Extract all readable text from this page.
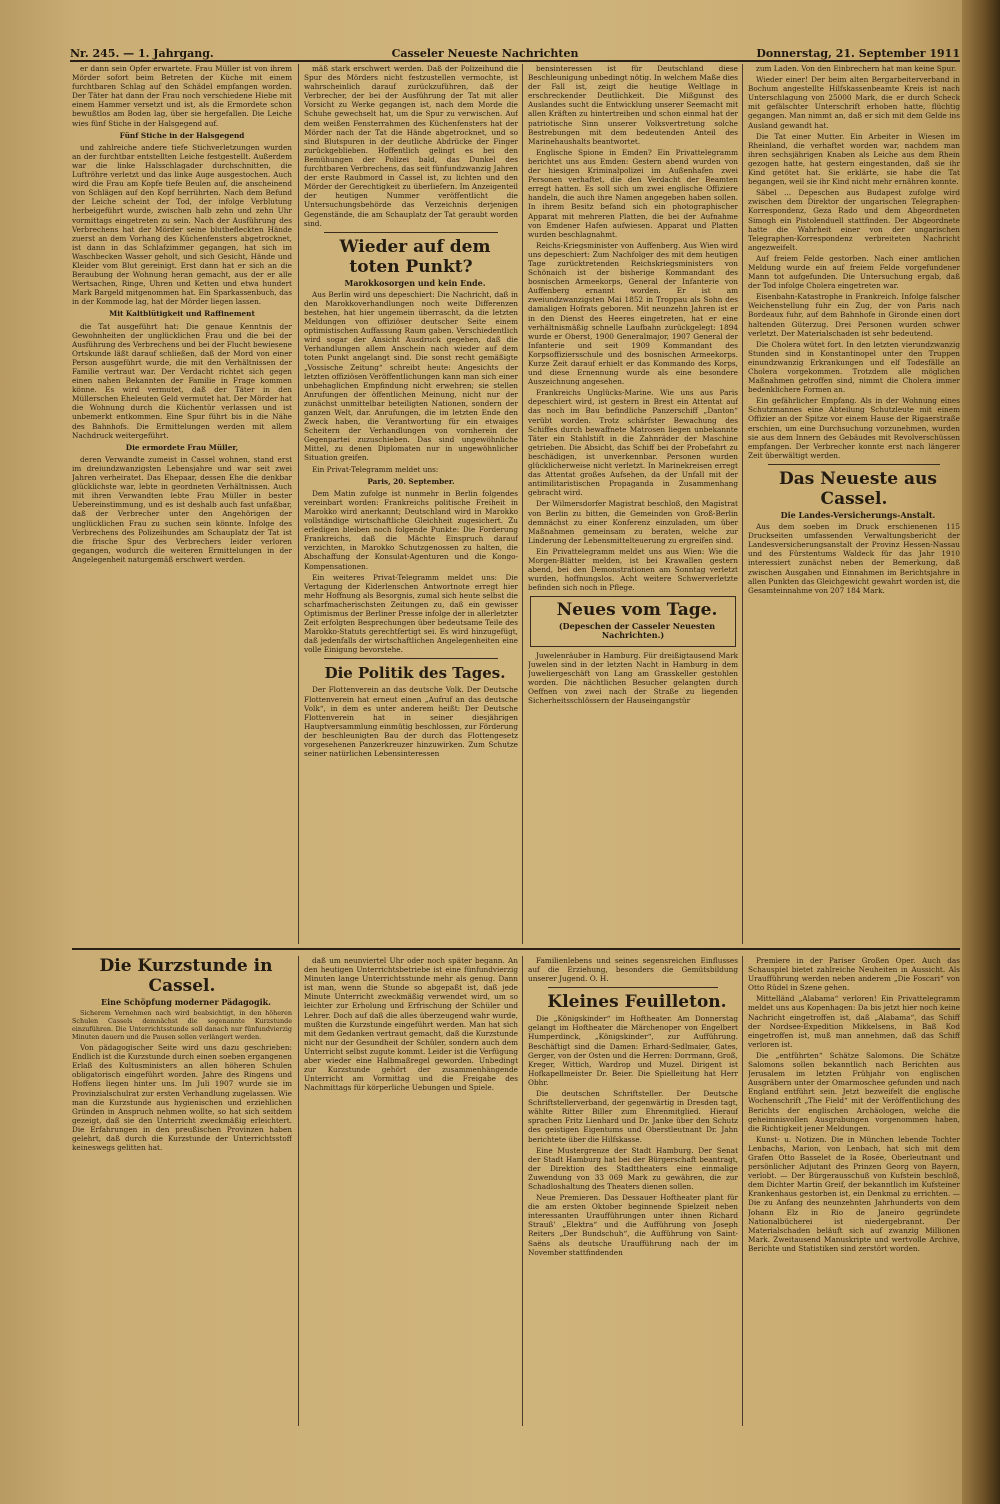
Nr. 245. — 1. Jahrgang.	Casseler Neueste Nachrichten	Donnerstag, 21. September 1911

er dann sein Opfer erwartete. Frau Müller ist von ihrem Mörder sofort beim Betreten der Küche mit einem furchtbaren Schlag auf den Schädel empfangen worden. Der Täter hat dann der Frau noch verschiedene Hiebe mit einem Hammer versetzt und ist, als die Ermordete schon bewußtlos am Boden lag, über sie hergefallen. Die Leiche wies fünf Stiche in der Halsgegend auf.

Fünf Stiche in der Halsgegend

und zahlreiche andere tiefe Stichverletzungen wurden an der furchtbar entstellten Leiche festgestellt. Außerdem war die linke Halsschlagader durchschnitten, die Luftröhre verletzt und das linke Auge ausgestochen. Auch wird die Frau am Kopfe tiefe Beulen auf, die anscheinend von Schlägen auf den Kopf herrührten. Nach dem Befund der Leiche scheint der Tod, der infolge Verblutung herbeigeführt wurde, zwischen halb zehn und zehn Uhr vormittags eingetreten zu sein. Nach der Ausführung des Verbrechens hat der Mörder seine blutbefleckten Hände zuerst an dem Vorhang des Küchenfensters abgetrocknet, ist dann in das Schlafzimmer gegangen, hat sich im Waschbecken Wasser geholt, und sich Gesicht, Hände und Kleider vom Blut gereinigt. Erst dann hat er sich an die Beraubung der Wohnung heran gemacht, aus der er alle Wertsachen, Ringe, Uhren und Ketten und etwa hundert Mark Bargeld mitgenommen hat. Ein Sparkassenbuch, das in der Kommode lag, hat der Mörder liegen lassen.

Mit Kaltblütigkeit und Raffinement

die Tat ausgeführt hat: Die genaue Kenntnis der Gewohnheiten der unglücklichen Frau und die bei der Ausführung des Verbrechens und bei der Flucht bewiesene Ortskunde läßt darauf schließen, daß der Mord von einer Person ausgeführt wurde, die mit den Verhältnissen der Familie vertraut war. Der Verdacht richtet sich gegen einen nahen Bekannten der Familie in Frage kommen könne. Es wird vermutet, daß der Täter in den Müllerschen Eheleuten Geld vermutet hat. Der Mörder hat die Wohnung durch die Küchentür verlassen und ist unbemerkt entkommen. Eine Spur führt bis in die Nähe des Bahnhofs. Die Ermittelungen werden mit allem Nachdruck weitergeführt.

Die ermordete Frau Müller,

deren Verwandte zumeist in Cassel wohnen, stand erst im dreiundzwanzigsten Lebensjahre und war seit zwei Jahren verheiratet. Das Ehepaar, dessen Ehe die denkbar glücklichste war, lebte in geordneten Verhältnissen. Auch mit ihren Verwandten lebte Frau Müller in bester Uebereinstimmung, und es ist deshalb auch fast unfaßbar, daß der Verbrecher unter den Angehörigen der unglücklichen Frau zu suchen sein könnte. Infolge des Verbrechens des Polizeihundes am Schauplatz der Tat ist die frische Spur des Verbrechers leider verloren gegangen, wodurch die weiteren Ermittelungen in der Angelegenheit naturgemäß erschwert werden.

mäß stark erschwert werden. Daß der Polizeihund die Spur des Mörders nicht festzustellen vermochte, ist wahrscheinlich darauf zurückzuführen, daß der Verbrecher, der bei der Ausführung der Tat mit aller Vorsicht zu Werke gegangen ist, nach dem Morde die Schuhe gewechselt hat, um die Spur zu verwischen. Auf dem weißen Fensterrahmen des Küchenfensters hat der Mörder nach der Tat die Hände abgetrocknet, und so sind Blutspuren in der deutliche Abdrücke der Finger zurückgeblieben. Hoffentlich gelingt es bei den Bemühungen der Polizei bald, das Dunkel des furchtbaren Verbrechens, das seit fünfundzwanzig Jahren der erste Raubmord in Cassel ist, zu lichten und den Mörder der Gerechtigkeit zu überliefern. Im Anzeigenteil der heutigen Nummer veröffentlicht die Untersuchungsbehörde das Verzeichnis derjenigen Gegenstände, die am Schauplatz der Tat geraubt worden sind.

Wieder auf dem toten Punkt?

Marokkosorgen und kein Ende.

Aus Berlin wird uns depeschiert: Die Nachricht, daß in den Marokkoverhandlungen noch weite Differenzen bestehen, hat hier ungemein überrascht, da die letzten Meldungen von offiziöser deutscher Seite einem optimistischen Auffassung Raum gaben. Verschiedentlich wird sogar der Ansicht Ausdruck gegeben, daß die Verhandlungen allem Anschein nach wieder auf dem toten Punkt angelangt sind. Die sonst recht gemäßigte „Vossische Zeitung“ schreibt heute: Angesichts der letzten offiziösen Veröffentlichungen kann man sich einer unbehaglichen Empfindung nicht erwehren; sie stellen Anrufungen der öffentlichen Meinung, nicht nur der zunächst unmittelbar beteiligten Nationen, sondern der ganzen Welt, dar. Anrufungen, die im letzten Ende den Zweck haben, die Verantwortung für ein etwaiges Scheitern der Verhandlungen von vornherein der Gegenpartei zuzuschieben. Das sind ungewöhnliche Mittel, zu denen Diplomaten nur in ungewöhnlicher Situation greifen.

Ein Privat-Telegramm meldet uns:

Paris, 20. September.

Dem Matin zufolge ist nunmehr in Berlin folgendes vereinbart worden: Frankreichs politische Freiheit in Marokko wird anerkannt; Deutschland wird in Marokko vollständige wirtschaftliche Gleichheit zugesichert. Zu erledigen bleiben noch folgende Punkte: Die Forderung Frankreichs, daß die Mächte Einspruch darauf verzichten, in Marokko Schutzgenossen zu halten, die Abschaffung der Konsulat-Agenturen und die Kongo-Kompensationen.

Ein weiteres Privat-Telegramm meldet uns: Die Vertagung der Kiderlenschen Antwortnote erregt hier mehr Hoffnung als Besorgnis, zumal sich heute selbst die scharfmacherischsten Zeitungen zu, daß ein gewisser Optimismus der Berliner Presse infolge der in allerletzter Zeit erfolgten Besprechungen über bedeutsame Teile des Marokko-Statuts gerechtfertigt sei. Es wird hinzugefügt, daß jedenfalls der wirtschaftlichen Angelegenheiten eine volle Einigung bevorstehe.

Die Politik des Tages.

Der Flottenverein an das deutsche Volk. Der Deutsche Flottenverein hat erneut einen „Aufruf an das deutsche Volk“, in dem es unter anderem heißt: Der Deutsche Flottenverein hat in seiner diesjährigen Hauptversammlung einmütig beschlossen, zur Förderung der beschleunigten Bau der durch das Flottengesetz vorgesehenen Panzerkreuzer hinzuwirken. Zum Schutze seiner natürlichen Lebensinteressen

bensinteressen ist für Deutschland diese Beschleunigung unbedingt nötig. In welchem Maße dies der Fall ist, zeigt die heutige Weltlage in erschreckender Deutlichkeit. Die Mißgunst des Auslandes sucht die Entwicklung unserer Seemacht mit allen Kräften zu hintertreiben und schon einmal hat der patriotische Sinn unserer Volksvertretung solche Bestrebungen mit dem bedeutenden Anteil des Marinehaushalts beantwortet.

Englische Spione in Emden? Ein Privattelegramm berichtet uns aus Emden: Gestern abend wurden von der hiesigen Kriminalpolizei im Außenhafen zwei Personen verhaftet, die den Verdacht der Beamten erregt hatten. Es soll sich um zwei englische Offiziere handeln, die auch ihre Namen angegeben haben sollen. In ihrem Besitz befand sich ein photographischer Apparat mit mehreren Platten, die bei der Aufnahme von Emdener Hafen aufwiesen. Apparat und Platten wurden beschlagnahmt.

Reichs-Kriegsminister von Auffenberg. Aus Wien wird uns depeschiert: Zum Nachfolger des mit dem heutigen Tage zurücktretenden Reichskriegsministers von Schönaich ist der bisherige Kommandant des bosnischen Armeekorps, General der Infanterie von Auffenberg ernannt worden. Er ist am zweiundzwanzigsten Mai 1852 in Troppau als Sohn des damaligen Hofrats geboren. Mit neunzehn Jahren ist er in den Dienst des Heeres eingetreten, hat er eine verhältnismäßig schnelle Laufbahn zurückgelegt: 1894 wurde er Oberst, 1900 Generalmajor, 1907 General der Infanterie und seit 1909 Kommandant des Korpsoffiziersschule und des bosnischen Armeekorps. Kurze Zeit darauf erhielt er das Kommando des Korps, und diese Ernennung wurde als eine besondere Auszeichnung angesehen.

Frankreichs Unglücks-Marine. Wie uns aus Paris depeschiert wird, ist gestern in Brest ein Attentat auf das noch im Bau befindliche Panzerschiff „Danton“ verübt worden. Trotz schärfster Bewachung des Schiffes durch bewaffnete Matrosen liegen unbekannte Täter ein Stahlstift in die Zahnräder der Maschine getrieben. Die Absicht, das Schiff bei der Probefahrt zu beschädigen, ist unverkennbar. Personen wurden glücklicherweise nicht verletzt. In Marinekreisen erregt das Attentat großes Aufsehen, da der Unfall mit der antimilitaristischen Propaganda in Zusammenhang gebracht wird.

Der Wilmersdorfer Magistrat beschloß, den Magistrat von Berlin zu bitten, die Gemeinden von Groß-Berlin demnächst zu einer Konferenz einzuladen, um über Maßnahmen gemeinsam zu beraten, welche zur Linderung der Lebensmittelteuerung zu ergreifen sind.

Ein Privattelegramm meldet uns aus Wien: Wie die Morgen-Blätter melden, ist bei Krawallen gestern abend, bei den Demonstrationen am Sonntag verletzt wurden, hoffnungslos. Acht weitere Schwerverletzte befinden sich noch in Pflege.

Neues vom Tage.

(Depeschen der Casseler Neuesten Nachrichten.)

Juwelenräuber in Hamburg. Für dreißigtausend Mark Juwelen sind in der letzten Nacht in Hamburg in dem Juweliergeschäft von Lang am Grasskeller gestohlen worden. Die nächtlichen Besucher gelangten durch Oeffnen von zwei nach der Straße zu liegenden Sicherheitsschlössern der Hauseingangstür

zum Laden. Von den Einbrechern hat man keine Spur.

Wieder einer! Der beim alten Bergarbeiterverband in Bochum angestellte Hilfskassenbeamte Kreis ist nach Unterschlagung von 25000 Mark, die er durch Scheck mit gefälschter Unterschrift erhoben hatte, flüchtig gegangen. Man nimmt an, daß er sich mit dem Gelde ins Ausland gewandt hat.

Die Tat einer Mutter. Ein Arbeiter in Wiesen im Rheinland, die verhaftet worden war, nachdem man ihren sechsjährigen Knaben als Leiche aus dem Rhein gezogen hatte, hat gestern eingestanden, daß sie ihr Kind getötet hat. Sie erklärte, sie habe die Tat begangen, weil sie ihr Kind nicht mehr ernähren konnte.

Säbel ... Depeschen aus Budapest zufolge wird zwischen dem Direktor der ungarischen Telegraphen-Korrespondenz, Geza Rado und dem Abgeordneten Simogh ein Pistolenduell stattfinden. Der Abgeordnete hatte die Wahrheit einer von der ungarischen Telegraphen-Korrespondenz verbreiteten Nachricht angezweifelt.

Auf freiem Felde gestorben. Nach einer amtlichen Meldung wurde ein auf freiem Felde vorgefundener Mann tot aufgefunden. Die Untersuchung ergab, daß der Tod infolge Cholera eingetreten war.

Eisenbahn-Katastrophe in Frankreich. Infolge falscher Weichenstellung fuhr ein Zug, der von Paris nach Bordeaux fuhr, auf dem Bahnhofe in Gironde einen dort haltenden Güterzug. Drei Personen wurden schwer verletzt. Der Materialschaden ist sehr bedeutend.

Die Cholera wütet fort. In den letzten vierundzwanzig Stunden sind in Konstantinopel unter den Truppen einundzwanzig Erkrankungen und elf Todesfälle an Cholera vorgekommen. Trotzdem alle möglichen Maßnahmen getroffen sind, nimmt die Cholera immer bedenklichere Formen an.

Ein gefährlicher Empfang. Als in der Wohnung eines Schutzmannes eine Abteilung Schutzleute mit einem Offizier an der Spitze vor einem Hause der Rigaerstraße erschien, um eine Durchsuchung vorzunehmen, wurden sie aus dem Innern des Gebäudes mit Revolverschüssen empfangen. Der Verbrecher konnte erst nach längerer Zeit überwältigt werden.

Das Neueste aus Cassel.

Die Landes-Versicherungs-Anstalt.

Aus dem soeben im Druck erschienenen 115 Druckseiten umfassenden Verwaltungsbericht der Landesversicherungsanstalt der Provinz Hessen-Nassau und des Fürstentums Waldeck für das Jahr 1910 interessiert zunächst neben der Bemerkung, daß zwischen Ausgaben und Einnahmen im Berichtsjahre in allen Punkten das Gleichgewicht gewahrt worden ist, die Gesamteinnahme von 207 184 Mark.

Die Kurzstunde in Cassel.

Eine Schöpfung moderner Pädagogik.

Sicherem Vernehmen nach wird beabsichtigt, in den höheren Schulen Cassels demnächst die sogenannte Kurzstunde einzuführen. Die Unterrichtsstunde soll danach nur fünfundvierzig Minuten dauern und die Pausen sollen verlängert werden.

Von pädagogischer Seite wird uns dazu geschrieben: Endlich ist die Kurzstunde durch einen soeben ergangenen Erlaß des Kultusministers an allen höheren Schulen obligatorisch eingeführt worden. Jahre des Ringens und Hoffens liegen hinter uns. Im Juli 1907 wurde sie im Provinzialschulrat zur ersten Verhandlung zugelassen. Wie man die Kurzstunde aus hygienischen und erziehlichen Gründen in Anspruch nehmen wollte, so hat sich seitdem gezeigt, daß sie den Unterricht zweckmäßig erleichtert. Die Erfahrungen in den preußischen Provinzen haben gelehrt, daß durch die Kurzstunde der Unterrichtsstoff keineswegs gelitten hat.

daß um neunviertel Uhr oder noch später begann. An den heutigen Unterrichtsbetriebe ist eine fünfundvierzig Minuten lange Unterrichtsstunde mehr als genug. Dann ist man, wenn die Stunde so abgepaßt ist, daß jede Minute Unterricht zweckmäßig verwendet wird, um so leichter zur Erholung und Erfrischung der Schüler und Lehrer. Doch auf daß die alles überzeugend wahr wurde, mußten die Kurzstunde eingeführt werden. Man hat sich mit dem Gedanken vertraut gemacht, daß die Kurzstunde nicht nur der Gesundheit der Schüler, sondern auch dem Unterricht selbst zugute kommt. Leider ist die Verfügung aber wieder eine Halbmaßregel geworden. Unbedingt zur Kurzstunde gehört der zusammenhängende Unterricht am Vormittag und die Freigabe des Nachmittags für körperliche Uebungen und Spiele.

Familienlebens und seines segensreichen Einflusses auf die Erziehung, besonders die Gemütsbildung unserer Jugend. O. H.

Kleines Feuilleton.

Die „Königskinder“ im Hoftheater. Am Donnerstag gelangt im Hoftheater die Märchenoper von Engelbert Humperdinck, „Königskinder“, zur Aufführung. Beschäftigt sind die Damen: Erhard-Sedlmaier, Gates, Gerger, von der Osten und die Herren: Dorrmann, Groß, Kreger, Wittich, Wardrop und Muzel. Dirigent ist Hofkapellmeister Dr. Beier. Die Spielleitung hat Herr Obhr.

Die deutschen Schriftsteller. Der Deutsche Schriftstellerverband, der gegenwärtig in Dresden tagt, wählte Ritter Biller zum Ehrenmitglied. Hierauf sprachen Fritz Lienhard und Dr. Janke über den Schutz des geistigen Eigentums und Oberstleutnant Dr. Jahn berichtete über die Hilfskasse.

Eine Mustergrenze der Stadt Hamburg. Der Senat der Stadt Hamburg hat bei der Bürgerschaft beantragt, der Direktion des Stadttheaters eine einmalige Zuwendung von 33 069 Mark zu gewähren, die zur Schadloshaltung des Theaters dienen sollen.

Neue Premieren. Das Dessauer Hoftheater plant für die am ersten Oktober beginnende Spielzeit neben interessanten Uraufführungen unter ihnen Richard Strauß' „Elektra“ und die Aufführung von Joseph Reiters „Der Bundschuh“, die Aufführung von Saint-Saëns als deutsche Uraufführung nach der im November stattfindenden

Premiere in der Pariser Großen Oper. Auch das Schauspiel bietet zahlreiche Neuheiten in Aussicht. Als Uraufführung werden neben anderem „Die Foscari“ von Otto Rüdel in Szene gehen.

Mittelländ „Alabama“ verloren! Ein Privattelegramm meldet uns aus Kopenhagen: Da bis jetzt hier noch keine Nachricht eingetroffen ist, daß „Alabama“, das Schiff der Nordsee-Expedition Mikkelsens, in Baß Kod eingetroffen ist, muß man annehmen, daß das Schiff verloren ist.

Die „entführten“ Schätze Salomons. Die Schätze Salomons sollen bekanntlich nach Berichten aus Jerusalem im letzten Frühjahr von englischen Ausgräbern unter der Omarmoschee gefunden und nach England entführt sein. Jetzt bezweifelt die englische Wochenschrift „The Field“ mit der Veröffentlichung des Berichts der englischen Archäologen, welche die geheimnisvollen Ausgrabungen vorgenommen haben, die Richtigkeit jener Meldungen.

Kunst- u. Notizen. Die in München lebende Tochter Lenbachs, Marion, von Lenbach, hat sich mit dem Grafen Otto Basselet de la Rosée, Oberleutnant und persönlicher Adjutant des Prinzen Georg von Bayern, verlobt. — Der Bürgerausschuß von Kufstein beschloß, dem Dichter Martin Greif, der bekanntlich im Kufsteiner Krankenhaus gestorben ist, ein Denkmal zu errichten. — Die zu Anfang des neunzehnten Jahrhunderts von dem Johann Elz in Rio de Janeiro gegründete Nationalbücherei ist niedergebrannt. Der Materialschaden beläuft sich auf zwanzig Millionen Mark. Zweitausend Manuskripte und wertvolle Archive, Berichte und Statistiken sind zerstört worden.
